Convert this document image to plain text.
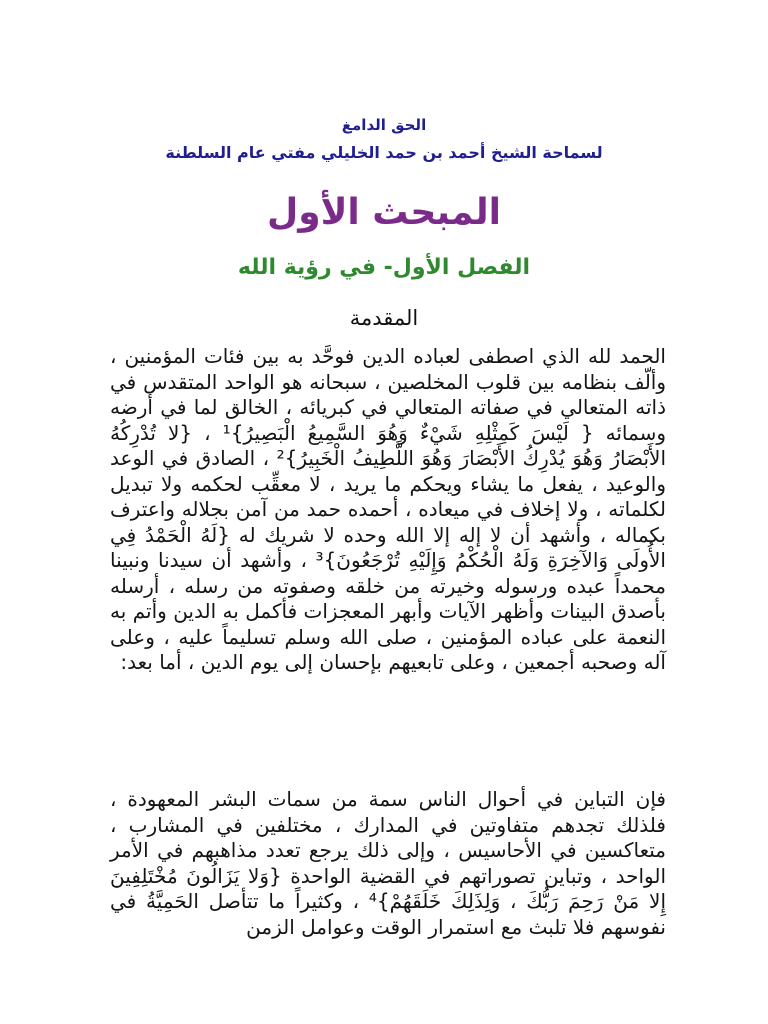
الحق الدامغ
لسماحة الشيخ أحمد بن حمد الخليلي مفتي عام السلطنة
المبحث الأول
الفصل الأول- في رؤية الله
المقدمة
الحمد لله الذي اصطفى لعباده الدين فوحَّد به بين فئات المؤمنين ، وألّف بنظامه بين قلوب المخلصين ، سبحانه هو الواحد المتقدس في ذاته المتعالي في صفاته المتعالي في كبريائه ، الخالق لما في أرضه وسمائه { لَيْسَ كَمِثْلِهِ شَيْءٌ وَهُوَ السَّمِيعُ الْبَصِيرُ}¹ ، {لا تُدْرِكُهُ الأَبْصَارُ وَهُوَ يُدْرِكُ الأَبْصَارَ وَهُوَ اللَّطِيفُ الْخَبِيرُ}² ، الصادق في الوعد والوعيد ، يفعل ما يشاء ويحكم ما يريد ، لا معقِّب لحكمه ولا تبديل لكلماته ، ولا إخلاف في ميعاده ، أحمده حمد من آمن بجلاله واعترف بكماله ، وأشهد أن لا إله إلا الله وحده لا شريك له {لَهُ الْحَمْدُ فِي الأُولَى وَالآخِرَةِ وَلَهُ الْحُكْمُ وَإِلَيْهِ تُرْجَعُونَ}³ ، وأشهد أن سيدنا ونبينا محمداً عبده ورسوله وخيرته من خلقه وصفوته من رسله ، أرسله بأصدق البينات وأظهر الآيات وأبهر المعجزات فأكمل به الدين وأتم به النعمة على عباده المؤمنين ، صلى الله وسلم تسليماً عليه ، وعلى آله وصحبه أجمعين ، وعلى تابعيهم بإحسان إلى يوم الدين ، أما بعد:
فإن التباين في أحوال الناس سمة من سمات البشر المعهودة ، فلذلك تجدهم متفاوتين في المدارك ، مختلفين في المشارب ، متعاكسين في الأحاسيس ، وإلى ذلك يرجع تعدد مذاهبهم في الأمر الواحد ، وتباين تصوراتهم في القضية الواحدة {وَلا يَزَالُونَ مُخْتَلِفِينَ إِلا مَنْ رَحِمَ رَبُّكَ ، وَلِذَلِكَ خَلَقَهُمْ}⁴ ، وكثيراً ما تتأصل الحَمِيَّةُ في نفوسهم فلا تلبث مع استمرار الوقت وعوامل الزمن
